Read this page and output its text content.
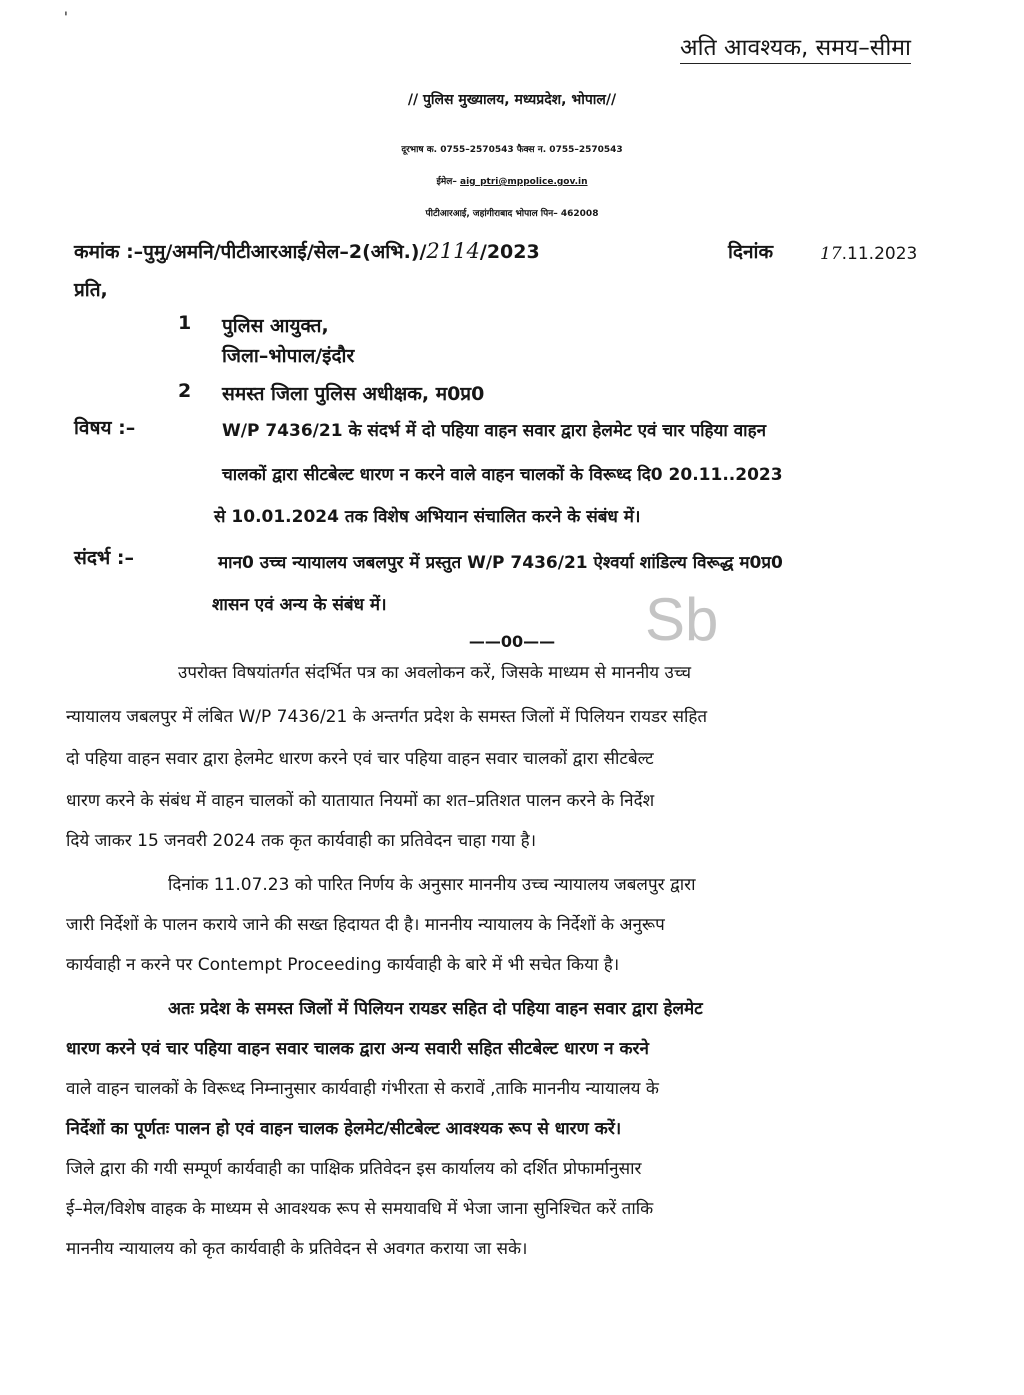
'
अति आवश्यक, समय–सीमा
// पुलिस मुख्यालय, मध्यप्रदेश, भोपाल//
दूरभाष क. 0755–2570543 फैक्स न. 0755–2570543
ईमेल– aig_ptri@mppolice.gov.in
पीटीआरआई, जहांगीराबाद भोपाल पिन– 462008
कमांक :–पुमु/अमनि/पीटीआरआई/सेल–2(अभि.)/2114/2023	दिनांक	17.11.2023
प्रति,
1 पुलिस आयुक्त,
जिला–भोपाल/इंदौर
2 समस्त जिला पुलिस अधीक्षक, म0प्र0
विषय :–	W/P 7436/21 के संदर्भ में दो पहिया वाहन सवार द्वारा हेलमेट एवं चार पहिया वाहन
चालकों द्वारा सीटबेल्ट धारण न करने वाले वाहन चालकों के विरूध्द दि0 20.11..2023
से 10.01.2024 तक विशेष अभियान संचालित करने के संबंध में।
संदर्भ :–	मान0 उच्च न्यायालय जबलपुर में प्रस्तुत W/P 7436/21 ऐश्वर्या शांडिल्य विरूद्ध म0प्र0
शासन एवं अन्य के संबंध में।	Sb
——00——
उपरोक्त विषयांतर्गत संदर्भित पत्र का अवलोकन करें, जिसके माध्यम से माननीय उच्च
न्यायालय जबलपुर में लंबित W/P 7436/21 के अन्तर्गत प्रदेश के समस्त जिलों में पिलियन रायडर सहित
दो पहिया वाहन सवार द्वारा हेलमेट धारण करने एवं चार पहिया वाहन सवार चालकों द्वारा सीटबेल्ट
धारण करने के संबंध में वाहन चालकों को यातायात नियमों का शत–प्रतिशत पालन करने के निर्देश
दिये जाकर 15 जनवरी 2024 तक कृत कार्यवाही का प्रतिवेदन चाहा गया है।
दिनांक 11.07.23 को पारित निर्णय के अनुसार माननीय उच्च न्यायालय जबलपुर द्वारा
जारी निर्देशों के पालन कराये जाने की सख्त हिदायत दी है। माननीय न्यायालय के निर्देशों के अनुरूप
कार्यवाही न करने पर Contempt Proceeding कार्यवाही के बारे में भी सचेत किया है।
अतः प्रदेश के समस्त जिलों में पिलियन रायडर सहित दो पहिया वाहन सवार द्वारा हेलमेट
धारण करने एवं चार पहिया वाहन सवार चालक द्वारा अन्य सवारी सहित सीटबेल्ट धारण न करने
वाले वाहन चालकों के विरूध्द निम्नानुसार कार्यवाही गंभीरता से करावें ,ताकि माननीय न्यायालय के
निर्देशों का पूर्णतः पालन हो एवं वाहन चालक हेलमेट/सीटबेल्ट आवश्यक रूप से धारण करें।
जिले द्वारा की गयी सम्पूर्ण कार्यवाही का पाक्षिक प्रतिवेदन इस कार्यालय को दर्शित प्रोफार्मानुसार
ई–मेल/विशेष वाहक के माध्यम से आवश्यक रूप से समयावधि में भेजा जाना सुनिश्चित करें ताकि
माननीय न्यायालय को कृत कार्यवाही के प्रतिवेदन से अवगत कराया जा सके।
